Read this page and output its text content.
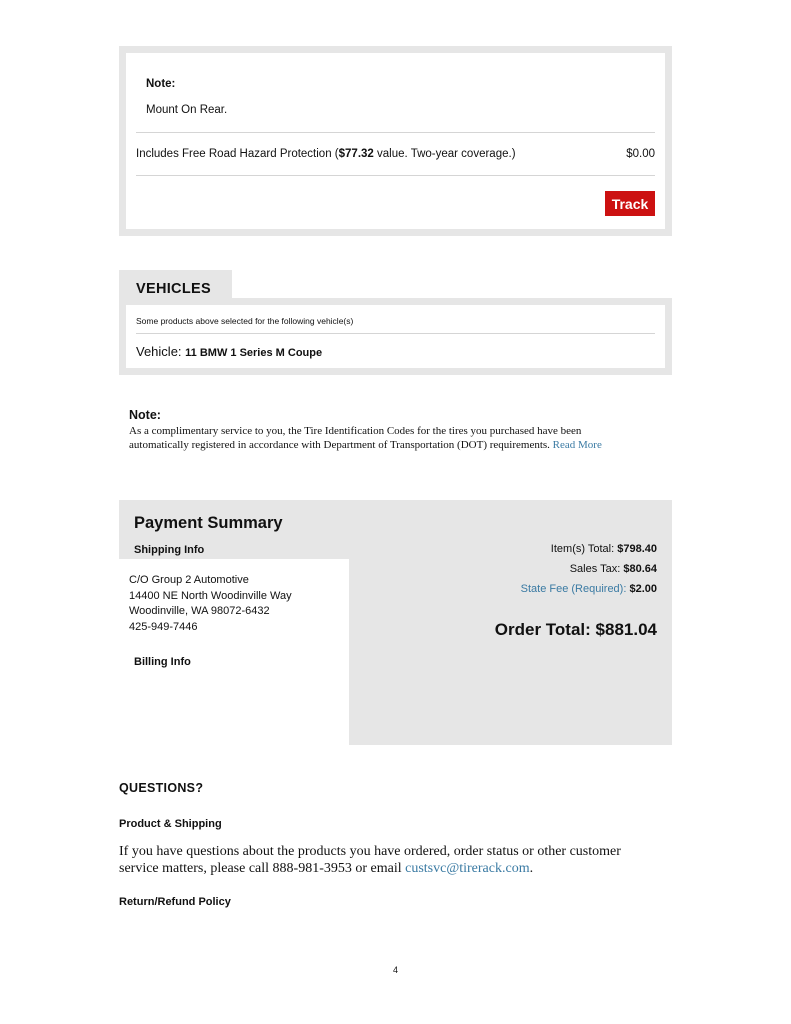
Note:
Mount On Rear.
Includes Free Road Hazard Protection ($77.32 value. Two-year coverage.)	$0.00
Track
VEHICLES
Some products above selected for the following vehicle(s)
Vehicle: 11 BMW 1 Series M Coupe
Note:
As a complimentary service to you, the Tire Identification Codes for the tires you purchased have been automatically registered in accordance with Department of Transportation (DOT) requirements. Read More
Payment Summary
Shipping Info
C/O Group 2 Automotive
14400 NE North Woodinville Way
Woodinville, WA 98072-6432
425-949-7446
Billing Info
Item(s) Total: $798.40
Sales Tax: $80.64
State Fee (Required): $2.00
Order Total: $881.04
QUESTIONS?
Product & Shipping
If you have questions about the products you have ordered, order status or other customer service matters, please call 888-981-3953 or email custsvc@tirerack.com.
Return/Refund Policy
4
